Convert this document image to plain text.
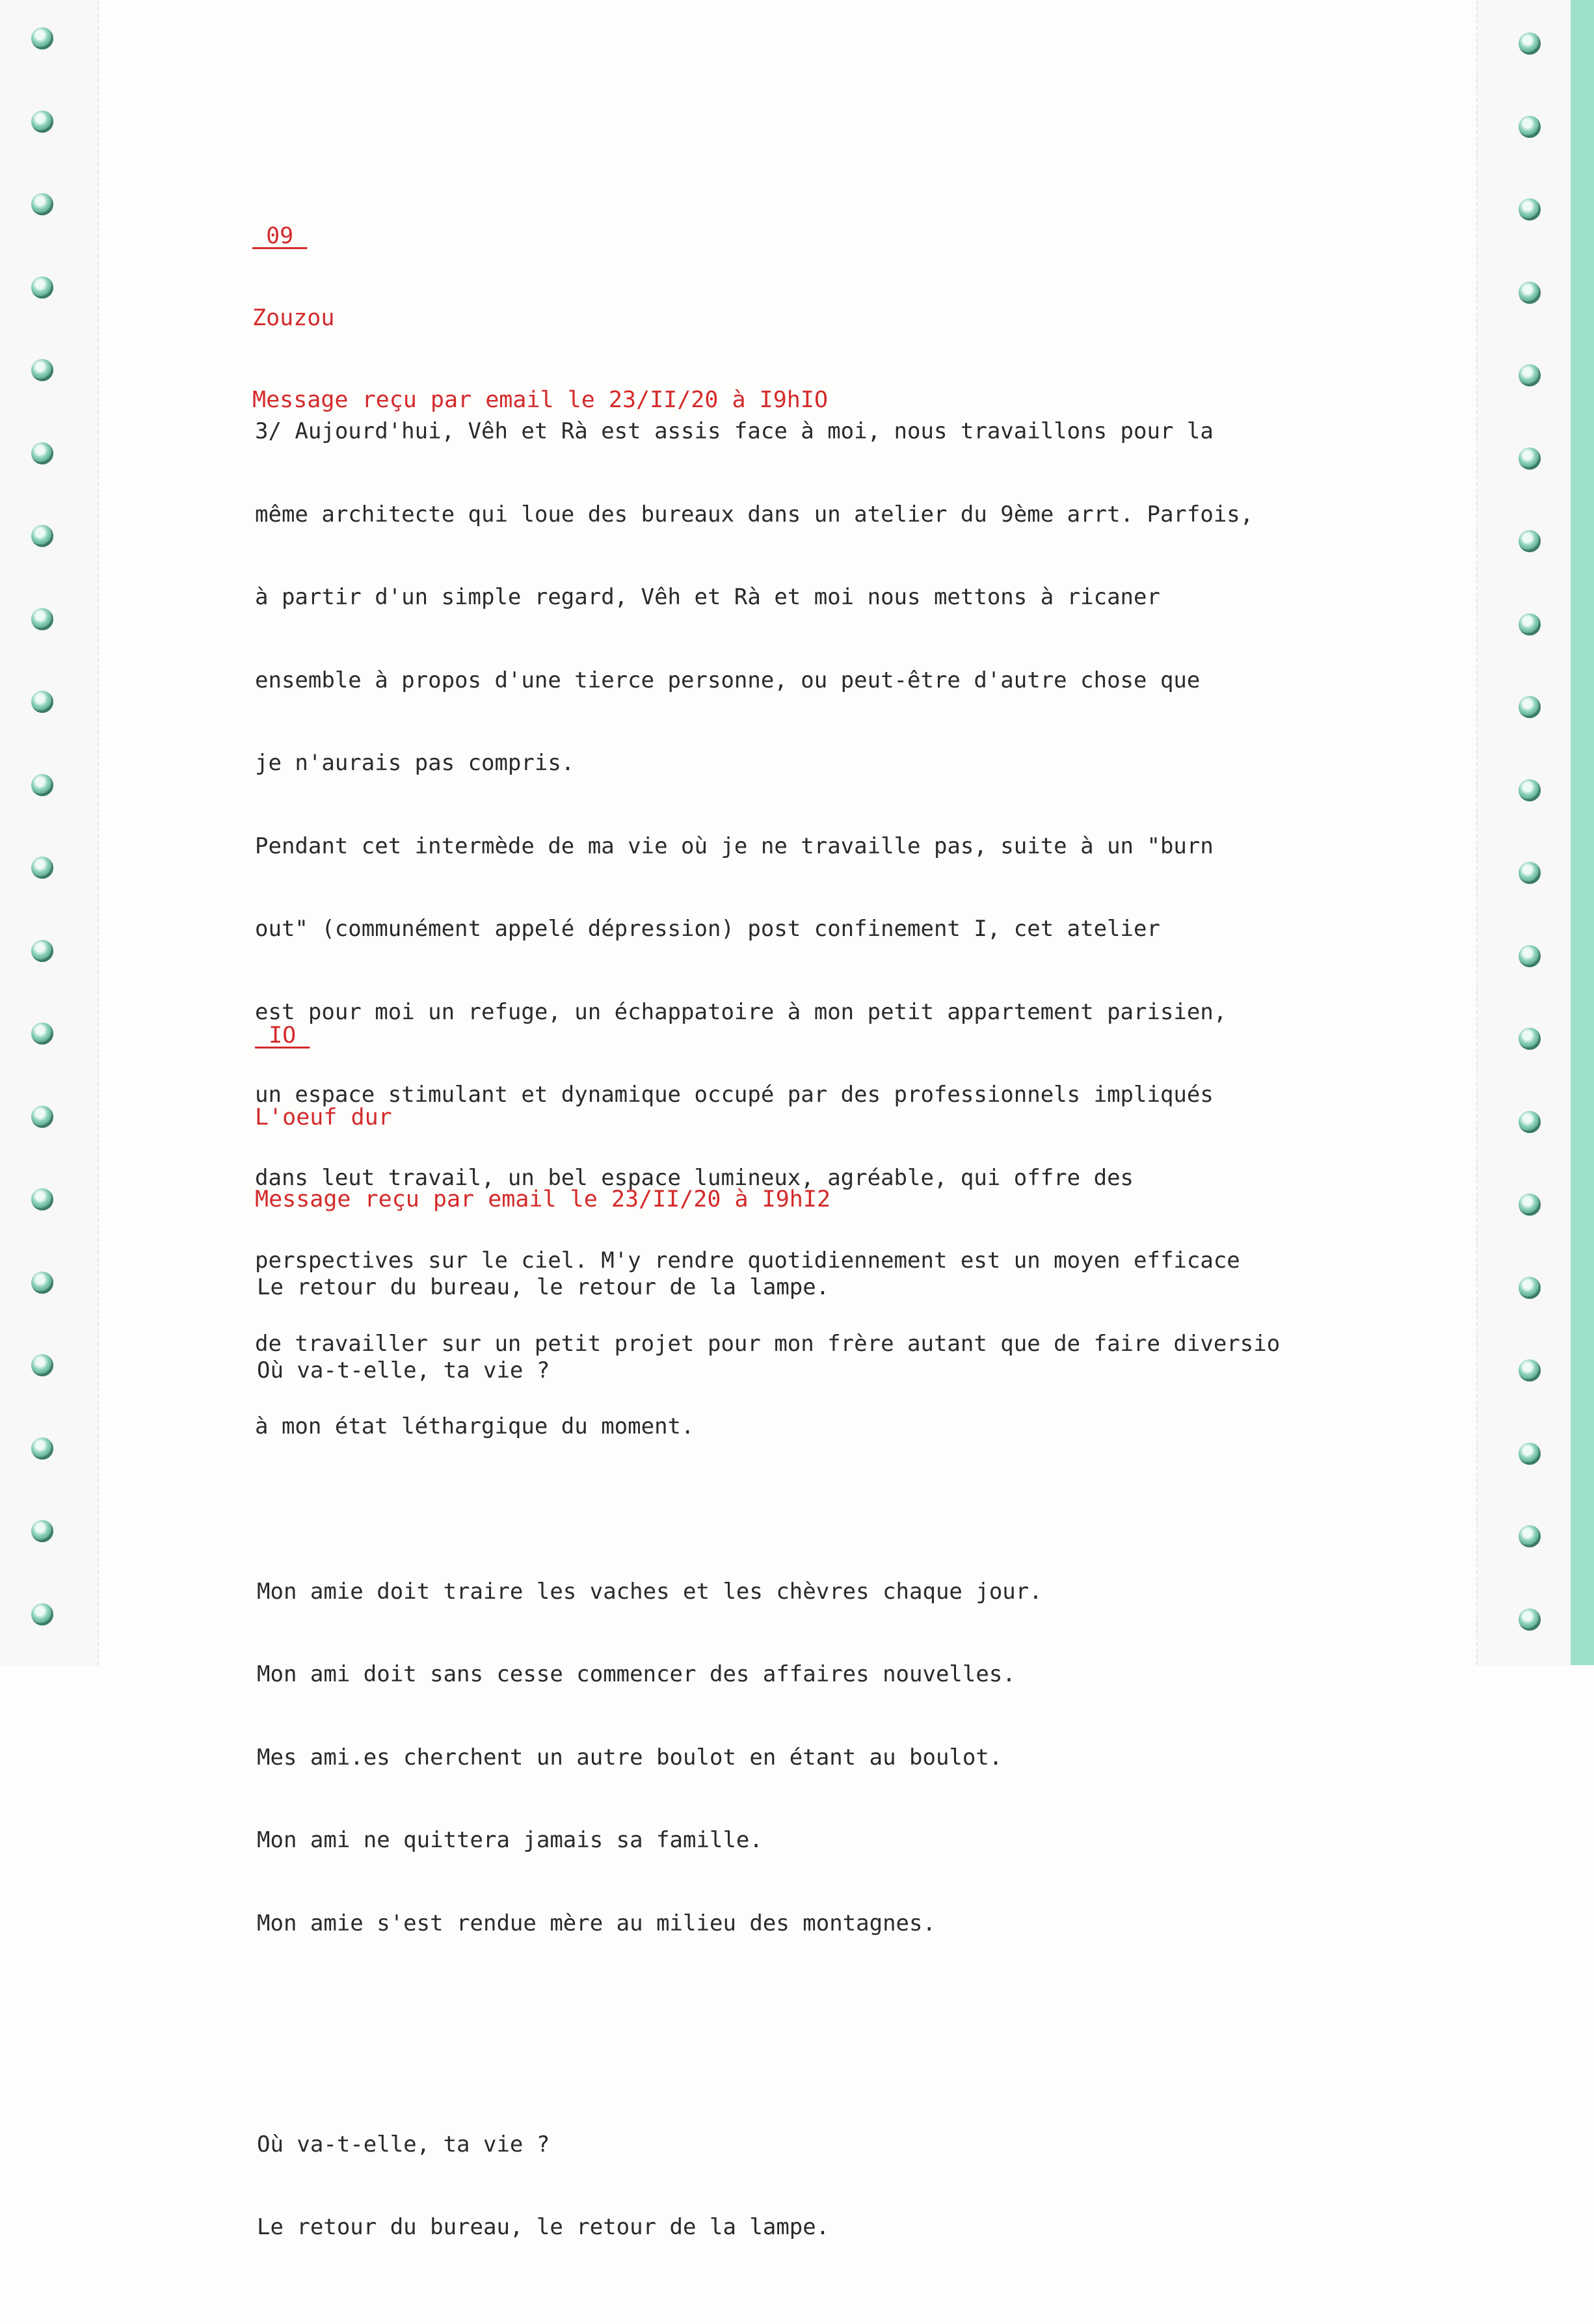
_09_

Zouzou

Message reçu par email le 23/II/20 à I9hIO

3/ Aujourd'hui, Vêh et Rà est assis face à moi, nous travaillons pour la

même architecte qui loue des bureaux dans un atelier du 9ème arrt. Parfois,

à partir d'un simple regard, Vêh et Rà et moi nous mettons à ricaner

ensemble à propos d'une tierce personne, ou peut-être d'autre chose que

je n'aurais pas compris.

Pendant cet intermède de ma vie où je ne travaille pas, suite à un "burn

out" (communément appelé dépression) post confinement I, cet atelier

est pour moi un refuge, un échappatoire à mon petit appartement parisien,

un espace stimulant et dynamique occupé par des professionnels impliqués

dans leut travail, un bel espace lumineux, agréable, qui offre des

perspectives sur le ciel. M'y rendre quotidiennement est un moyen efficace

de travailler sur un petit projet pour mon frère autant que de faire diversio

à mon état léthargique du moment.

_IO_

L'oeuf dur

Message reçu par email le 23/II/20 à I9hI2

Le retour du bureau, le retour de la lampe.

Où va-t-elle, ta vie ?

Mon amie doit traire les vaches et les chèvres chaque jour.

Mon ami doit sans cesse commencer des affaires nouvelles.

Mes ami.es cherchent un autre boulot en étant au boulot.

Mon ami ne quittera jamais sa famille.

Mon amie s'est rendue mère au milieu des montagnes.

Où va-t-elle, ta vie ?

Le retour du bureau, le retour de la lampe.
